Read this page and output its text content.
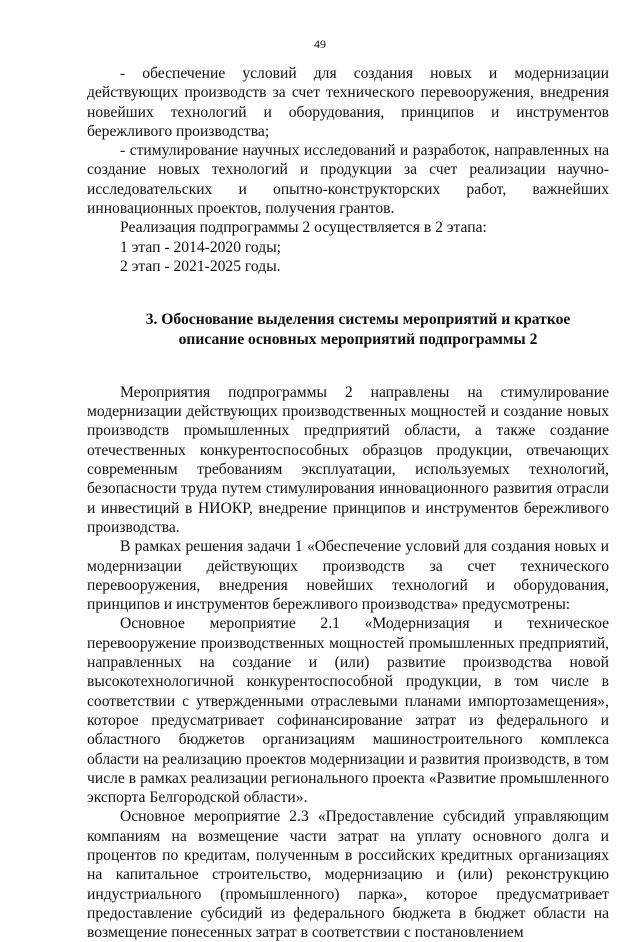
49

- обеспечение условий для создания новых и модернизации действующих производств за счет технического перевооружения, внедрения новейших технологий и оборудования, принципов и инструментов бережливого производства;

- стимулирование научных исследований и разработок, направленных на создание новых технологий и продукции за счет реализации научно-исследовательских и опытно-конструкторских работ, важнейших инновационных проектов, получения грантов.

Реализация подпрограммы 2 осуществляется в 2 этапа:

1 этап - 2014-2020 годы;

2 этап - 2021-2025 годы.

3. Обоснование выделения системы мероприятий и краткое
описание основных мероприятий подпрограммы 2

Мероприятия подпрограммы 2 направлены на стимулирование модернизации действующих производственных мощностей и создание новых производств промышленных предприятий области, а также создание отечественных конкурентоспособных образцов продукции, отвечающих современным требованиям эксплуатации, используемых технологий, безопасности труда путем стимулирования инновационного развития отрасли и инвестиций в НИОКР, внедрение принципов и инструментов бережливого производства.

В рамках решения задачи 1 «Обеспечение условий для создания новых и модернизации действующих производств за счет технического перевооружения, внедрения новейших технологий и оборудования, принципов и инструментов бережливого производства» предусмотрены:

Основное мероприятие 2.1 «Модернизация и техническое перевооружение производственных мощностей промышленных предприятий, направленных на создание и (или) развитие производства новой высокотехнологичной конкурентоспособной продукции, в том числе в соответствии с утвержденными отраслевыми планами импортозамещения», которое предусматривает софинансирование затрат из федерального и областного бюджетов организациям машиностроительного комплекса области на реализацию проектов модернизации и развития производств, в том числе в рамках реализации регионального проекта «Развитие промышленного экспорта Белгородской области».

Основное мероприятие 2.3 «Предоставление субсидий управляющим компаниям на возмещение части затрат на уплату основного долга и процентов по кредитам, полученным в российских кредитных организациях на капитальное строительство, модернизацию и (или) реконструкцию индустриального (промышленного) парка», которое предусматривает предоставление субсидий из федерального бюджета в бюджет области на возмещение понесенных затрат в соответствии с постановлением
